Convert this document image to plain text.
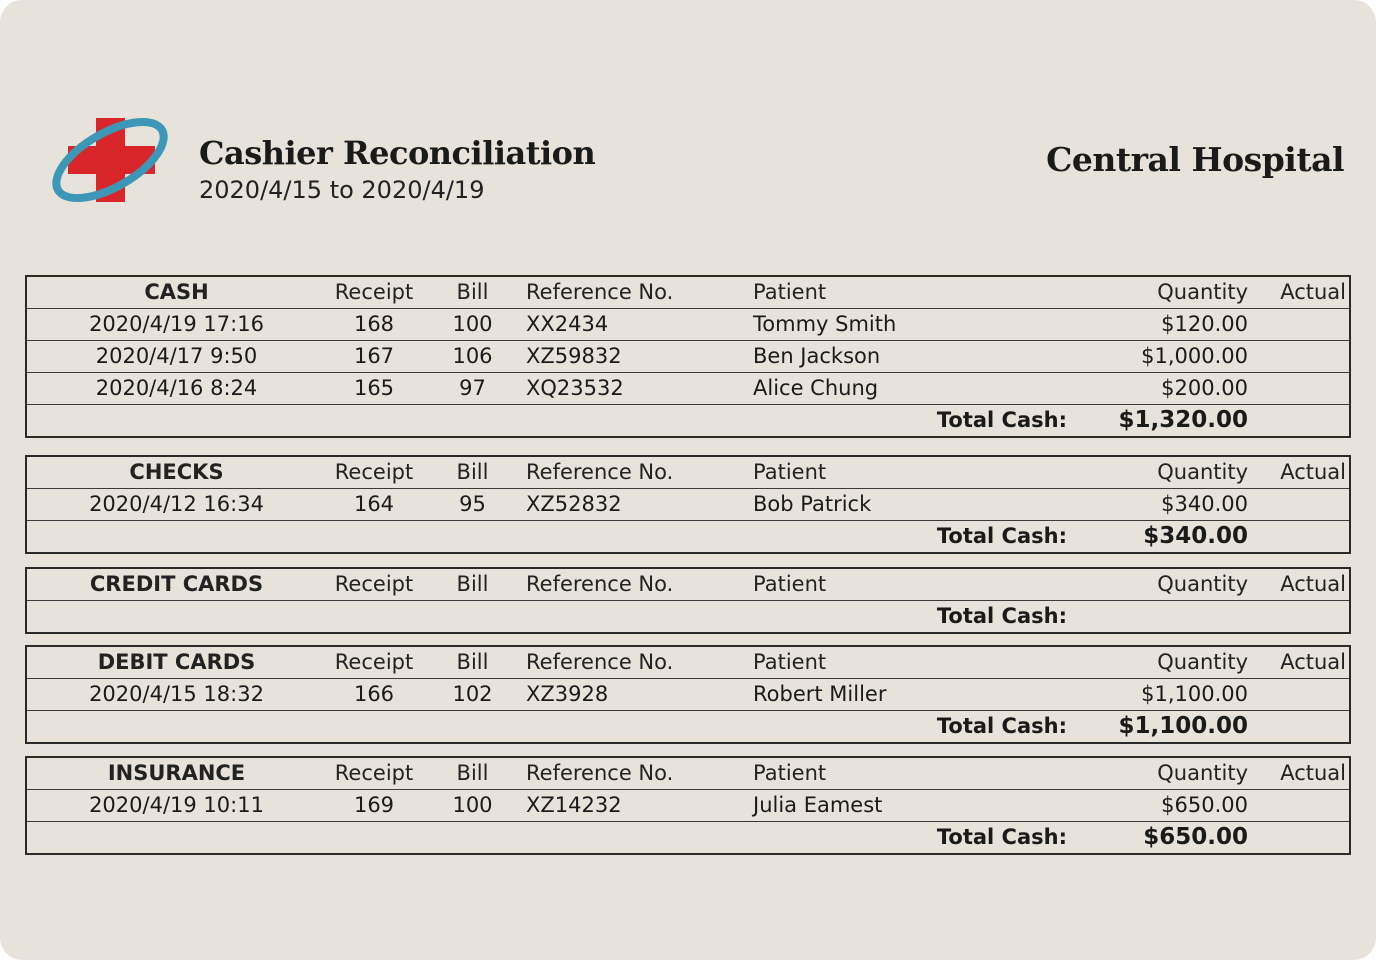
Cashier Reconciliation
2020/4/15 to 2020/4/19
Central Hospital
CASH	Receipt	Bill	Reference No.	Patient	Quantity	Actual
2020/4/19 17:16	168	100	XX2434	Tommy Smith	$120.00	
2020/4/17 9:50	167	106	XZ59832	Ben Jackson	$1,000.00	
2020/4/16 8:24	165	97	XQ23532	Alice Chung	$200.00	
Total Cash:					$1,320.00	
CHECKS	Receipt	Bill	Reference No.	Patient	Quantity	Actual
2020/4/12 16:34	164	95	XZ52832	Bob Patrick	$340.00	
Total Cash:					$340.00	
CREDIT CARDS	Receipt	Bill	Reference No.	Patient	Quantity	Actual
Total Cash:						
DEBIT CARDS	Receipt	Bill	Reference No.	Patient	Quantity	Actual
2020/4/15 18:32	166	102	XZ3928	Robert Miller	$1,100.00	
Total Cash:					$1,100.00	
INSURANCE	Receipt	Bill	Reference No.	Patient	Quantity	Actual
2020/4/19 10:11	169	100	XZ14232	Julia Eamest	$650.00	
Total Cash:					$650.00	
